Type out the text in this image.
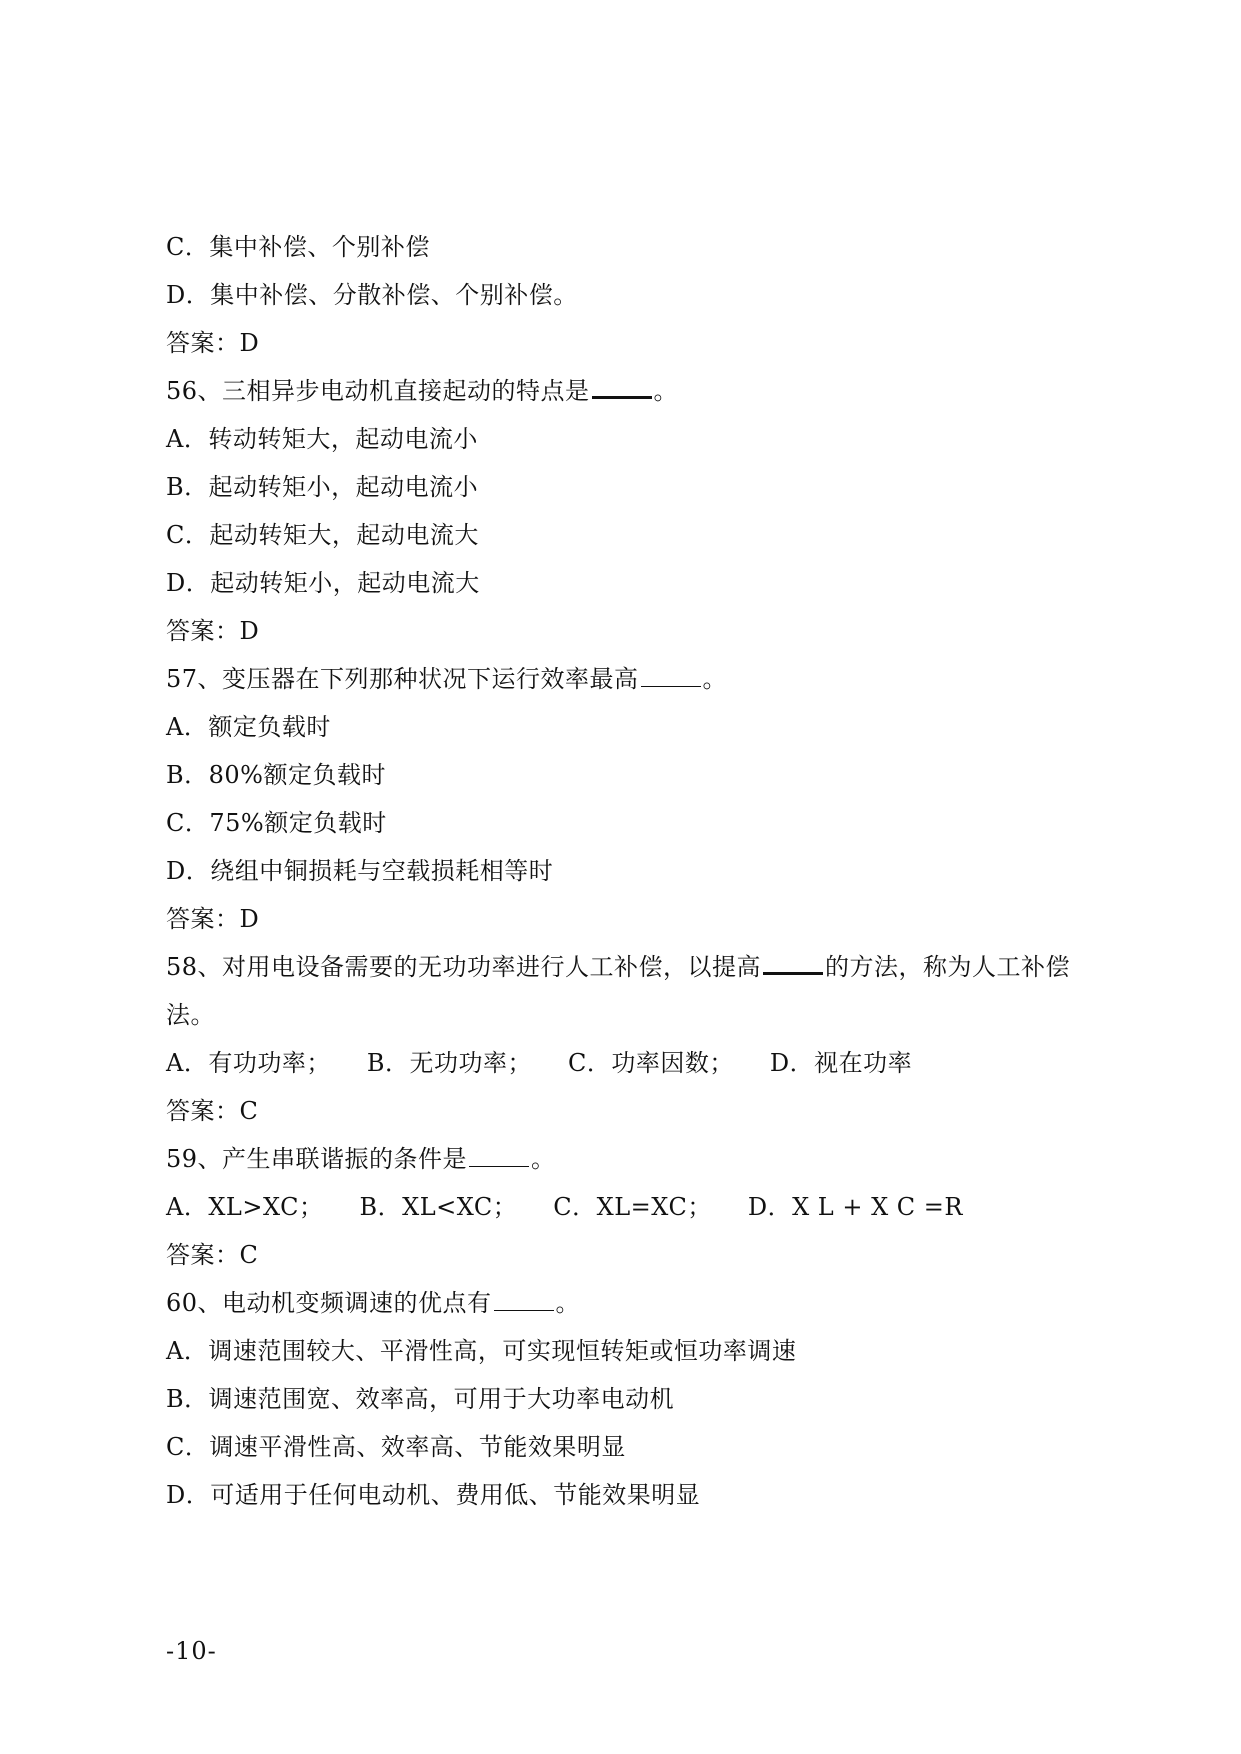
C．集中补偿、个别补偿
D．集中补偿、分散补偿、个别补偿。
答案：D
56、三相异步电动机直接起动的特点是	。
A．转动转矩大，起动电流小
B．起动转矩小，起动电流小
C．起动转矩大，起动电流大
D．起动转矩小，起动电流大
答案：D
57、变压器在下列那种状况下运行效率最高	。
A．额定负载时
B．80%额定负载时
C．75%额定负载时
D．绕组中铜损耗与空载损耗相等时
答案：D
58、对用电设备需要的无功功率进行人工补偿，以提高	的方法，称为人工补偿
法。
A．有功功率； B．无功功率； C．功率因数； D．视在功率
答案：C
59、产生串联谐振的条件是	。
A．XL>XC； B．XL<XC； C．XL=XC； D．X L + X C =R
答案：C
60、电动机变频调速的优点有	。
A．调速范围较大、平滑性高，可实现恒转矩或恒功率调速
B．调速范围宽、效率高，可用于大功率电动机
C．调速平滑性高、效率高、节能效果明显
D．可适用于任何电动机、费用低、节能效果明显
-10-
